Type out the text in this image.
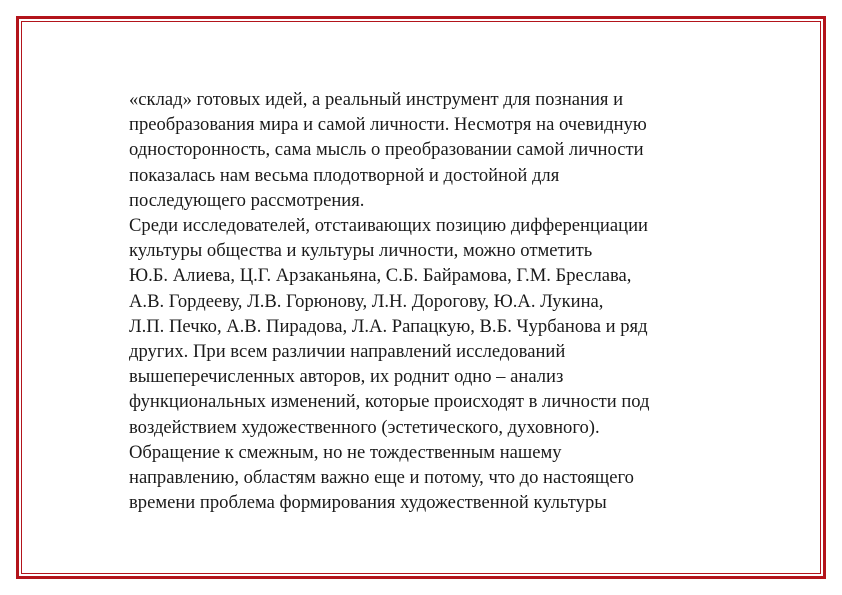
«склад» готовых идей, а реальный инструмент для познания и
преобразования мира и самой личности. Несмотря на очевидную
односторонность, сама мысль о преобразовании самой личности
показалась нам весьма плодотворной и достойной для
последующего рассмотрения.
Среди исследователей, отстаивающих позицию дифференциации
культуры общества и культуры личности, можно отметить
Ю.Б. Алиева, Ц.Г. Арзаканьяна, С.Б. Байрамова, Г.М. Бреслава,
А.В. Гордееву, Л.В. Горюнову, Л.Н. Дорогову, Ю.А. Лукина,
Л.П. Печко, А.В. Пирадова, Л.А. Рапацкую, В.Б. Чурбанова и ряд
других. При всем различии направлений исследований
вышеперечисленных авторов, их роднит одно – анализ
функциональных изменений, которые происходят в личности под
воздействием художественного (эстетического, духовного).
Обращение к смежным, но не тождественным нашему
направлению, областям важно еще и потому, что до настоящего
времени проблема формирования художественной культуры
